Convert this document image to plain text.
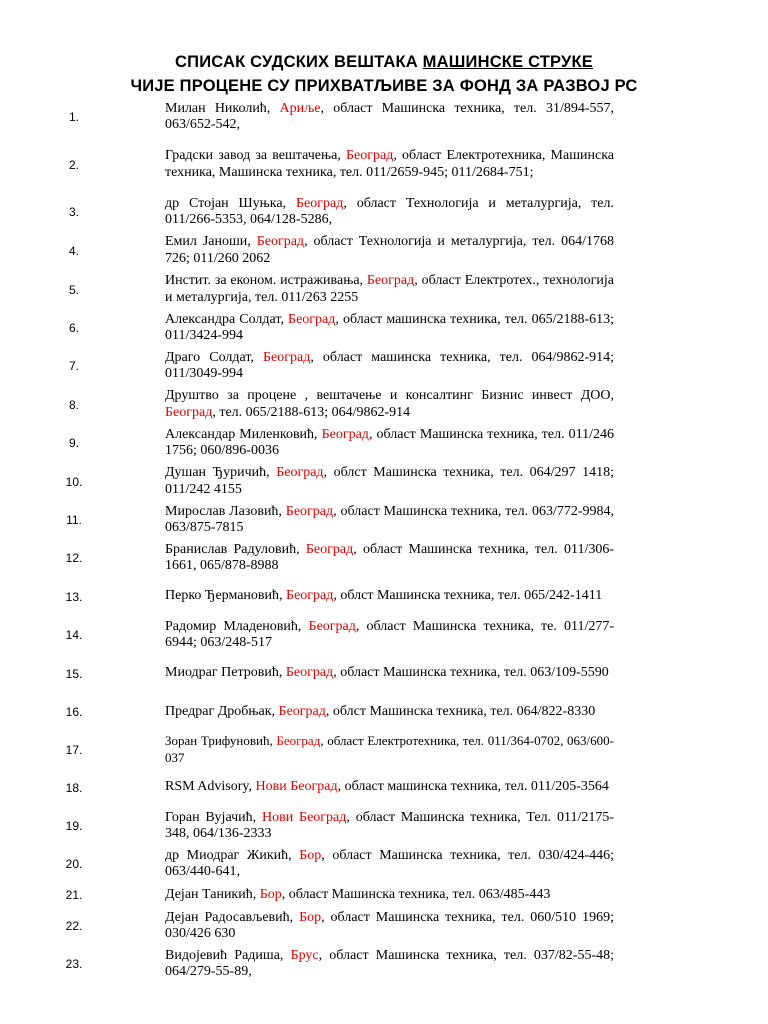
СПИСАК СУДСКИХ ВЕШТАКА МАШИНСКЕ СТРУКЕ
ЧИЈЕ ПРОЦЕНЕ СУ ПРИХВАТЉИВЕ ЗА ФОНД ЗА РАЗВОЈ РС
1.
Милан Николић, Ариље, област Машинска техника, тел. 31/894-557, 063/652-542,
2.
Градски завод за вештачења, Београд, област Електротехника, Машинска техника, Машинска техника, тел. 011/2659-945; 011/2684-751;
3.
др Стојан Шуњка, Београд, област Технологија и металургија, тел. 011/266-5353, 064/128-5286,
4.
Емил Јаноши, Београд, област Технологија и металургија, тел. 064/1768 726; 011/260 2062
5.
Инстит. за економ. истраживања, Београд, област Електротех., технологија и металургија, тел. 011/263 2255
6.
Александра Солдат, Београд, област машинска техника, тел. 065/2188-613; 011/3424-994
7.
Драго Солдат, Београд, област машинска техника, тел. 064/9862-914; 011/3049-994
8.
Друштво за процене , вештачење и консалтинг Бизнис инвест ДОО, Београд, тел. 065/2188-613; 064/9862-914
9.
Александар Миленковић, Београд, област Машинска техника, тел. 011/246 1756; 060/896-0036
10.
Душан Ђуричић, Београд, облст Машинска техника, тел. 064/297 1418; 011/242 4155
11.
Мирослав Лазовић, Београд, област Машинска техника, тел. 063/772-9984, 063/875-7815
12.
Бранислав Радуловић, Београд, област Машинска техника, тел. 011/306-1661, 065/878-8988
13.	Перко Ђермановић, Београд, облст Машинска техника, тел. 065/242-1411
14.
Радомир Младеновић, Београд, област Машинска техника, те. 011/277-6944; 063/248-517
15.	Миодраг Петровић, Београд, област Машинска техника, тел. 063/109-5590
16.	Предраг Дробњак, Београд, облст Машинска техника, тел. 064/822-8330
17.
Зоран Трифуновић, Београд, област Електротехника, тел. 011/364-0702, 063/600-037
18.	RSM Advisory, Нови Београд, област машинска техника, тел. 011/205-3564
19.
Горан Вујачић, Нови Београд, област Машинска техника, Тел. 011/2175-348, 064/136-2333
20.
др Миодраг Жикић, Бор, област Машинска техника, тел. 030/424-446; 063/440-641,
21.	Дејан Таникић, Бор, област Машинска техника, тел. 063/485-443
22.
Дејан Радосављевић, Бор, област Машинска техника, тел. 060/510 1969; 030/426 630
23.
Видојевић Радиша, Брус, област Машинска техника, тел. 037/82-55-48; 064/279-55-89,
